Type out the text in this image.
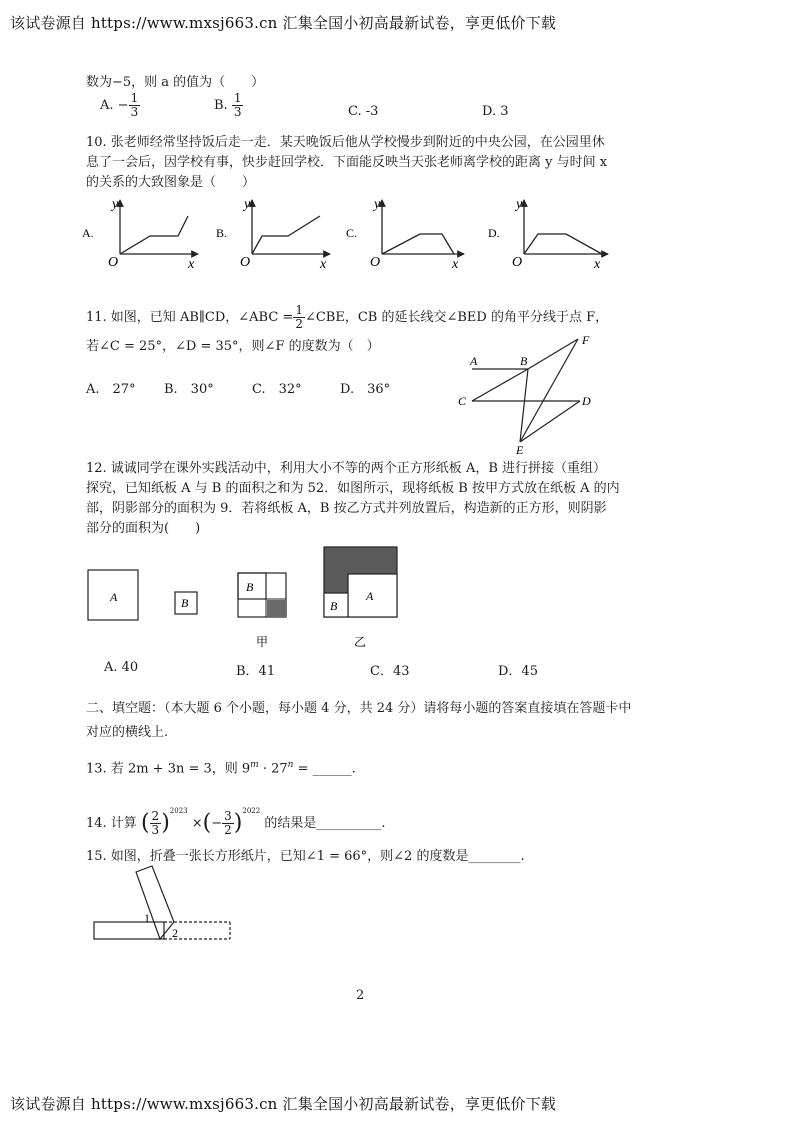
该试卷源自 https://www.mxsj663.cn 汇集全国小初高最新试卷，享更低价下载
数为−5，则 a 的值为（　　）
A. − $\frac{1}{3}$	B. $\frac{1}{3}$	C. -3	D. 3
10. 张老师经常坚持饭后走一走．某天晚饭后他从学校慢步到附近的中央公园，在公园里休
息了一会后，因学校有事，快步赶回学校．下面能反映当天张老师离学校的距离 y 与时间 x
的关系的大致图象是（　　）
A.
y
O	x
B.
y
O	x
C.
y
O	x
D.
y
O	x
11. 如图，已知 AB∥CD，∠ABC = $\frac{1}{2}$ ∠CBE，CB 的延长线交∠BED 的角平分线于点 F，
若∠C = 25°，∠D = 35°，则∠F 的度数为（　）
A.　27° B.　30°	C.　32°	D.　36°
A	B
C	D
E
F
12. 诚诚同学在课外实践活动中，利用大小不等的两个正方形纸板 A，B 进行拼接（重组）
探究，已知纸板 A 与 B 的面积之和为 52．如图所示，现将纸板 B 按甲方式放在纸板 A 的内
部，阴影部分的面积为 9．若将纸板 A，B 按乙方式并列放置后，构造新的正方形，则阴影
部分的面积为(　　)
A	B
B
甲
B
A
乙
A. 40	B．41	C．43	D．45
二、填空题：（本大题 6 个小题，每小题 4 分，共 24 分）请将每小题的答案直接填在答题卡中
对应的横线上.
13. 若 2m + 3n = 3，则 $9^m \cdot 27^n$ = ______.
14. 计算 ( $\frac{2}{3} )^{2023}$ ×(− $\frac{3}{2} )^{2022}$ 的结果是__________.
15. 如图，折叠一张长方形纸片，已知∠1 = 66°，则∠2 的度数是________.
1
2
2
该试卷源自 https://www.mxsj663.cn 汇集全国小初高最新试卷，享更低价下载
